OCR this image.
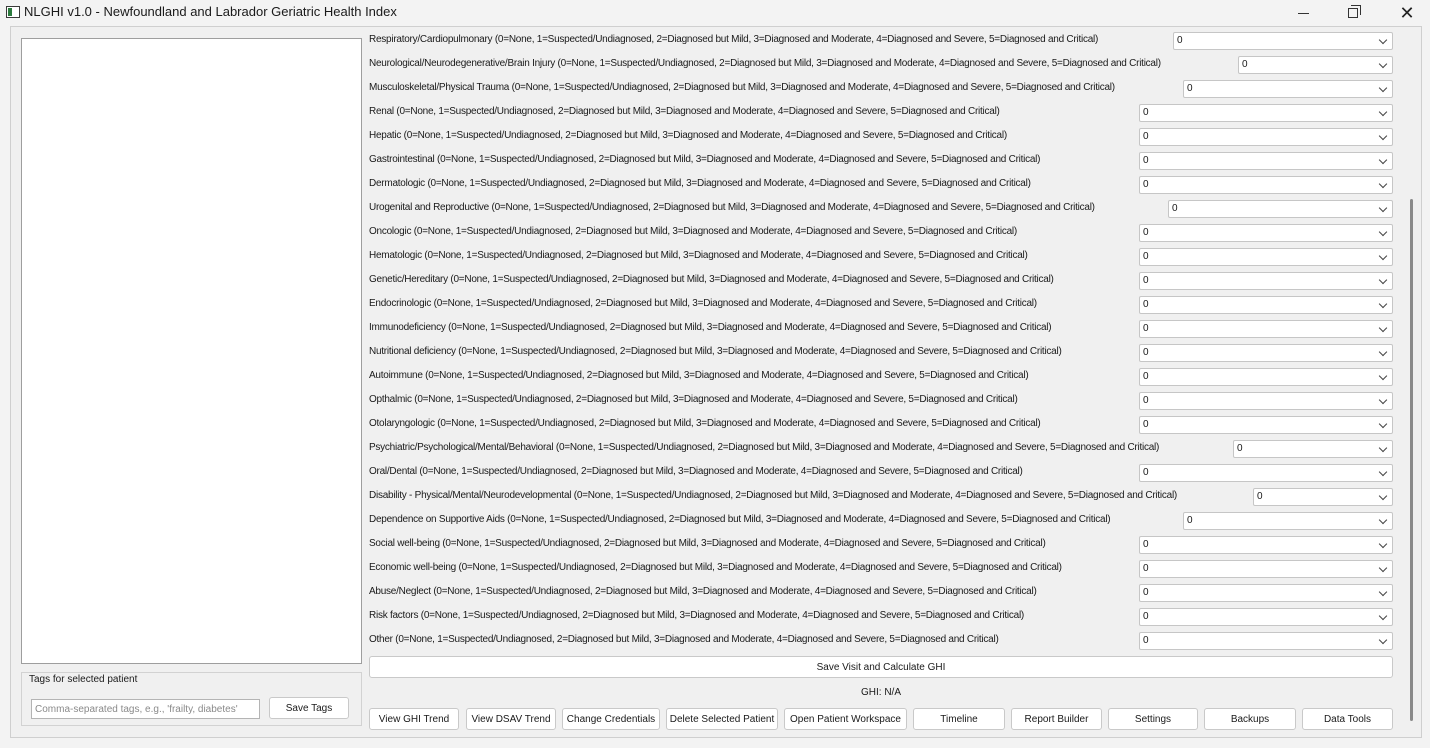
NLGHI v1.0 - Newfoundland and Labrador Geriatric Health Index	✕
Tags for selected patient
Comma-separated tags, e.g., 'frailty, diabetes'
Save Tags
Respiratory/Cardiopulmonary (0=None, 1=Suspected/Undiagnosed, 2=Diagnosed but Mild, 3=Diagnosed and Moderate, 4=Diagnosed and Severe, 5=Diagnosed and Critical)	0
Neurological/Neurodegenerative/Brain Injury (0=None, 1=Suspected/Undiagnosed, 2=Diagnosed but Mild, 3=Diagnosed and Moderate, 4=Diagnosed and Severe, 5=Diagnosed and Critical)	0
Musculoskeletal/Physical Trauma (0=None, 1=Suspected/Undiagnosed, 2=Diagnosed but Mild, 3=Diagnosed and Moderate, 4=Diagnosed and Severe, 5=Diagnosed and Critical)	0
Renal (0=None, 1=Suspected/Undiagnosed, 2=Diagnosed but Mild, 3=Diagnosed and Moderate, 4=Diagnosed and Severe, 5=Diagnosed and Critical)	0
Hepatic (0=None, 1=Suspected/Undiagnosed, 2=Diagnosed but Mild, 3=Diagnosed and Moderate, 4=Diagnosed and Severe, 5=Diagnosed and Critical)	0
Gastrointestinal (0=None, 1=Suspected/Undiagnosed, 2=Diagnosed but Mild, 3=Diagnosed and Moderate, 4=Diagnosed and Severe, 5=Diagnosed and Critical)	0
Dermatologic (0=None, 1=Suspected/Undiagnosed, 2=Diagnosed but Mild, 3=Diagnosed and Moderate, 4=Diagnosed and Severe, 5=Diagnosed and Critical)	0
Urogenital and Reproductive (0=None, 1=Suspected/Undiagnosed, 2=Diagnosed but Mild, 3=Diagnosed and Moderate, 4=Diagnosed and Severe, 5=Diagnosed and Critical)	0
Oncologic (0=None, 1=Suspected/Undiagnosed, 2=Diagnosed but Mild, 3=Diagnosed and Moderate, 4=Diagnosed and Severe, 5=Diagnosed and Critical)	0
Hematologic (0=None, 1=Suspected/Undiagnosed, 2=Diagnosed but Mild, 3=Diagnosed and Moderate, 4=Diagnosed and Severe, 5=Diagnosed and Critical)	0
Genetic/Hereditary (0=None, 1=Suspected/Undiagnosed, 2=Diagnosed but Mild, 3=Diagnosed and Moderate, 4=Diagnosed and Severe, 5=Diagnosed and Critical)	0
Endocrinologic (0=None, 1=Suspected/Undiagnosed, 2=Diagnosed but Mild, 3=Diagnosed and Moderate, 4=Diagnosed and Severe, 5=Diagnosed and Critical)	0
Immunodeficiency (0=None, 1=Suspected/Undiagnosed, 2=Diagnosed but Mild, 3=Diagnosed and Moderate, 4=Diagnosed and Severe, 5=Diagnosed and Critical)	0
Nutritional deficiency (0=None, 1=Suspected/Undiagnosed, 2=Diagnosed but Mild, 3=Diagnosed and Moderate, 4=Diagnosed and Severe, 5=Diagnosed and Critical)	0
Autoimmune (0=None, 1=Suspected/Undiagnosed, 2=Diagnosed but Mild, 3=Diagnosed and Moderate, 4=Diagnosed and Severe, 5=Diagnosed and Critical)	0
Opthalmic (0=None, 1=Suspected/Undiagnosed, 2=Diagnosed but Mild, 3=Diagnosed and Moderate, 4=Diagnosed and Severe, 5=Diagnosed and Critical)	0
Otolaryngologic (0=None, 1=Suspected/Undiagnosed, 2=Diagnosed but Mild, 3=Diagnosed and Moderate, 4=Diagnosed and Severe, 5=Diagnosed and Critical)	0
Psychiatric/Psychological/Mental/Behavioral (0=None, 1=Suspected/Undiagnosed, 2=Diagnosed but Mild, 3=Diagnosed and Moderate, 4=Diagnosed and Severe, 5=Diagnosed and Critical)	0
Oral/Dental (0=None, 1=Suspected/Undiagnosed, 2=Diagnosed but Mild, 3=Diagnosed and Moderate, 4=Diagnosed and Severe, 5=Diagnosed and Critical)	0
Disability - Physical/Mental/Neurodevelopmental (0=None, 1=Suspected/Undiagnosed, 2=Diagnosed but Mild, 3=Diagnosed and Moderate, 4=Diagnosed and Severe, 5=Diagnosed and Critical)	0
Dependence on Supportive Aids (0=None, 1=Suspected/Undiagnosed, 2=Diagnosed but Mild, 3=Diagnosed and Moderate, 4=Diagnosed and Severe, 5=Diagnosed and Critical)	0
Social well-being (0=None, 1=Suspected/Undiagnosed, 2=Diagnosed but Mild, 3=Diagnosed and Moderate, 4=Diagnosed and Severe, 5=Diagnosed and Critical)	0
Economic well-being (0=None, 1=Suspected/Undiagnosed, 2=Diagnosed but Mild, 3=Diagnosed and Moderate, 4=Diagnosed and Severe, 5=Diagnosed and Critical)	0
Abuse/Neglect (0=None, 1=Suspected/Undiagnosed, 2=Diagnosed but Mild, 3=Diagnosed and Moderate, 4=Diagnosed and Severe, 5=Diagnosed and Critical)	0
Risk factors (0=None, 1=Suspected/Undiagnosed, 2=Diagnosed but Mild, 3=Diagnosed and Moderate, 4=Diagnosed and Severe, 5=Diagnosed and Critical)	0
Other (0=None, 1=Suspected/Undiagnosed, 2=Diagnosed but Mild, 3=Diagnosed and Moderate, 4=Diagnosed and Severe, 5=Diagnosed and Critical)	0
Save Visit and Calculate GHI
GHI: N/A
View GHI Trend	View DSAV Trend	Change Credentials	Delete Selected Patient	Open Patient Workspace	Timeline	Report Builder	Settings	Backups	Data Tools
